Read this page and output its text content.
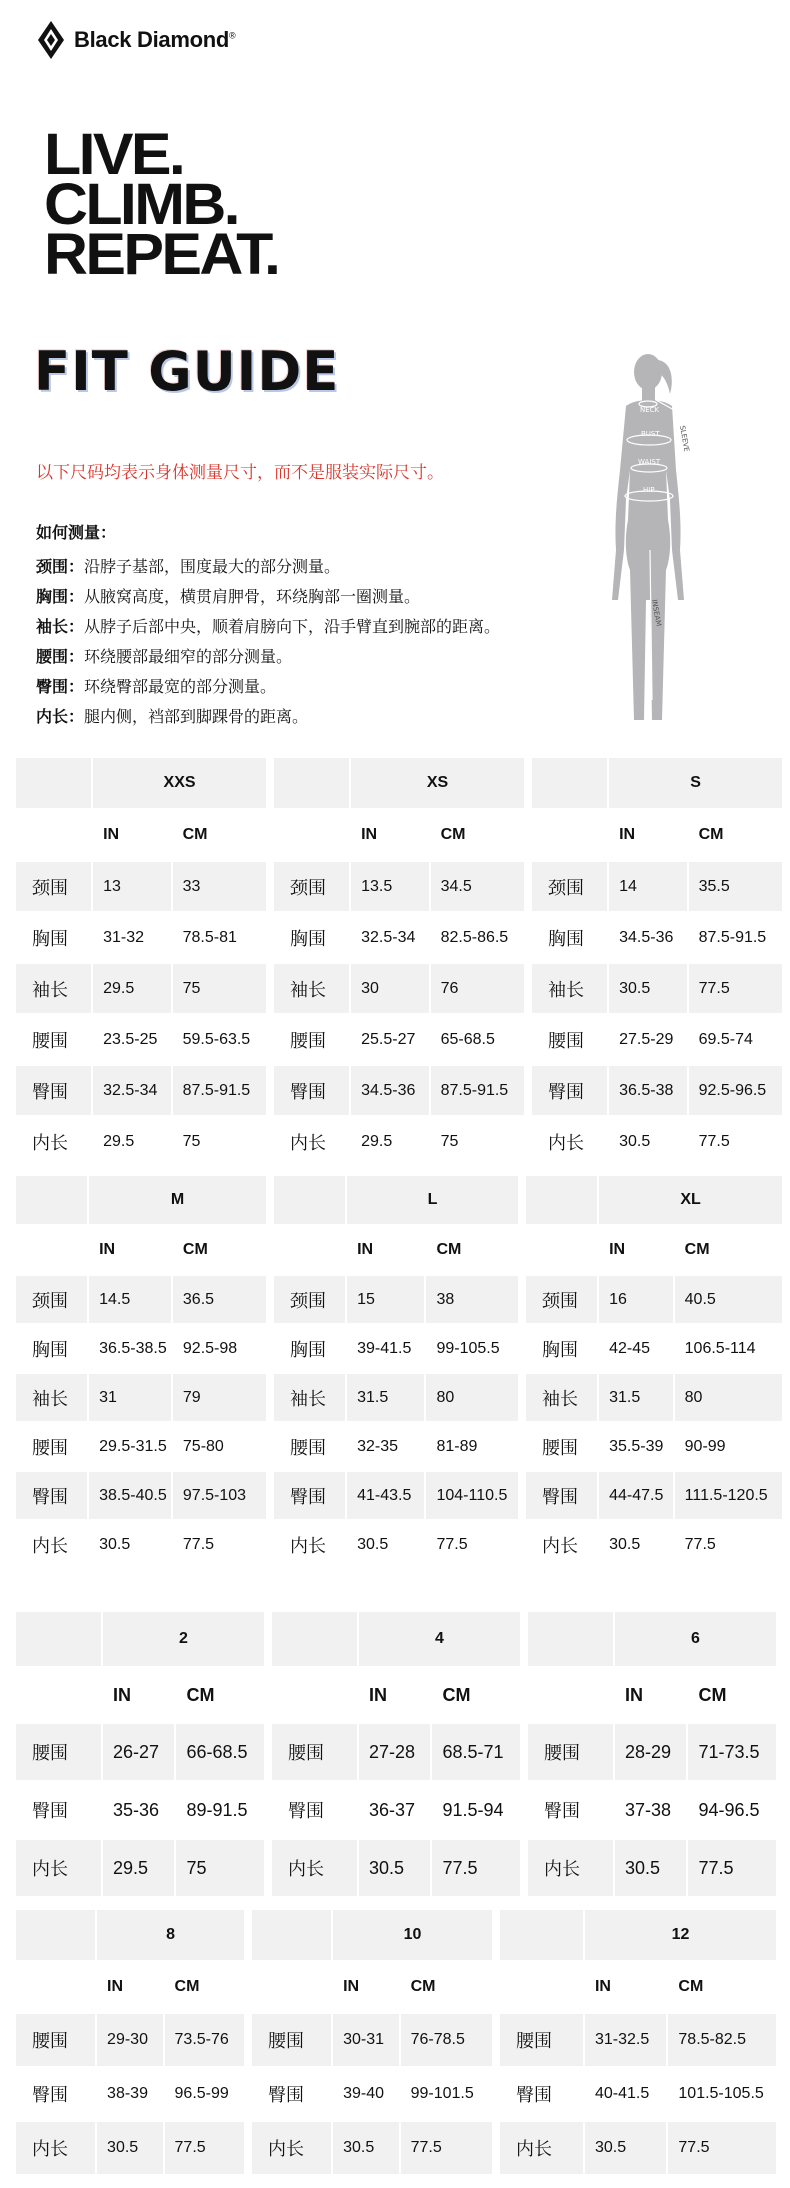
Black Diamond®
LIVE.
CLIMB.
REPEAT.
FIT GUIDE
以下尺码均表示身体测量尺寸，而不是服装实际尺寸。
如何测量：
颈围：沿脖子基部，围度最大的部分测量。
胸围：从腋窝高度，横贯肩胛骨，环绕胸部一圈测量。
袖长：从脖子后部中央，顺着肩膀向下，沿手臂直到腕部的距离。
腰围：环绕腰部最细窄的部分测量。
臀围：环绕臀部最宽的部分测量。
内长：腿内侧，裆部到脚踝骨的距离。
NECK
BUST
WAIST
HIP
SLEEVE
INSEAM
	XXS	
	IN	CM
颈围	13	33
胸围	31-32	78.5-81
袖长	29.5	75
腰围	23.5-25	59.5-63.5
臀围	32.5-34	87.5-91.5
内长	29.5	75
	XS	
	IN	CM
颈围	13.5	34.5
胸围	32.5-34	82.5-86.5
袖长	30	76
腰围	25.5-27	65-68.5
臀围	34.5-36	87.5-91.5
内长	29.5	75
	S	
	IN	CM
颈围	14	35.5
胸围	34.5-36	87.5-91.5
袖长	30.5	77.5
腰围	27.5-29	69.5-74
臀围	36.5-38	92.5-96.5
内长	30.5	77.5
	M	
	IN	CM
颈围	14.5	36.5
胸围	36.5-38.5	92.5-98
袖长	31	79
腰围	29.5-31.5	75-80
臀围	38.5-40.5	97.5-103
内长	30.5	77.5
	L	
	IN	CM
颈围	15	38
胸围	39-41.5	99-105.5
袖长	31.5	80
腰围	32-35	81-89
臀围	41-43.5	104-110.5
内长	30.5	77.5
	XL	
	IN	CM
颈围	16	40.5
胸围	42-45	106.5-114
袖长	31.5	80
腰围	35.5-39	90-99
臀围	44-47.5	111.5-120.5
内长	30.5	77.5
	2	
	IN	CM
腰围	26-27	66-68.5
臀围	35-36	89-91.5
内长	29.5	75
	4	
	IN	CM
腰围	27-28	68.5-71
臀围	36-37	91.5-94
内长	30.5	77.5
	6	
	IN	CM
腰围	28-29	71-73.5
臀围	37-38	94-96.5
内长	30.5	77.5
	8	
	IN	CM
腰围	29-30	73.5-76
臀围	38-39	96.5-99
内长	30.5	77.5
	10	
	IN	CM
腰围	30-31	76-78.5
臀围	39-40	99-101.5
内长	30.5	77.5
	12	
	IN	CM
腰围	31-32.5	78.5-82.5
臀围	40-41.5	101.5-105.5
内长	30.5	77.5
